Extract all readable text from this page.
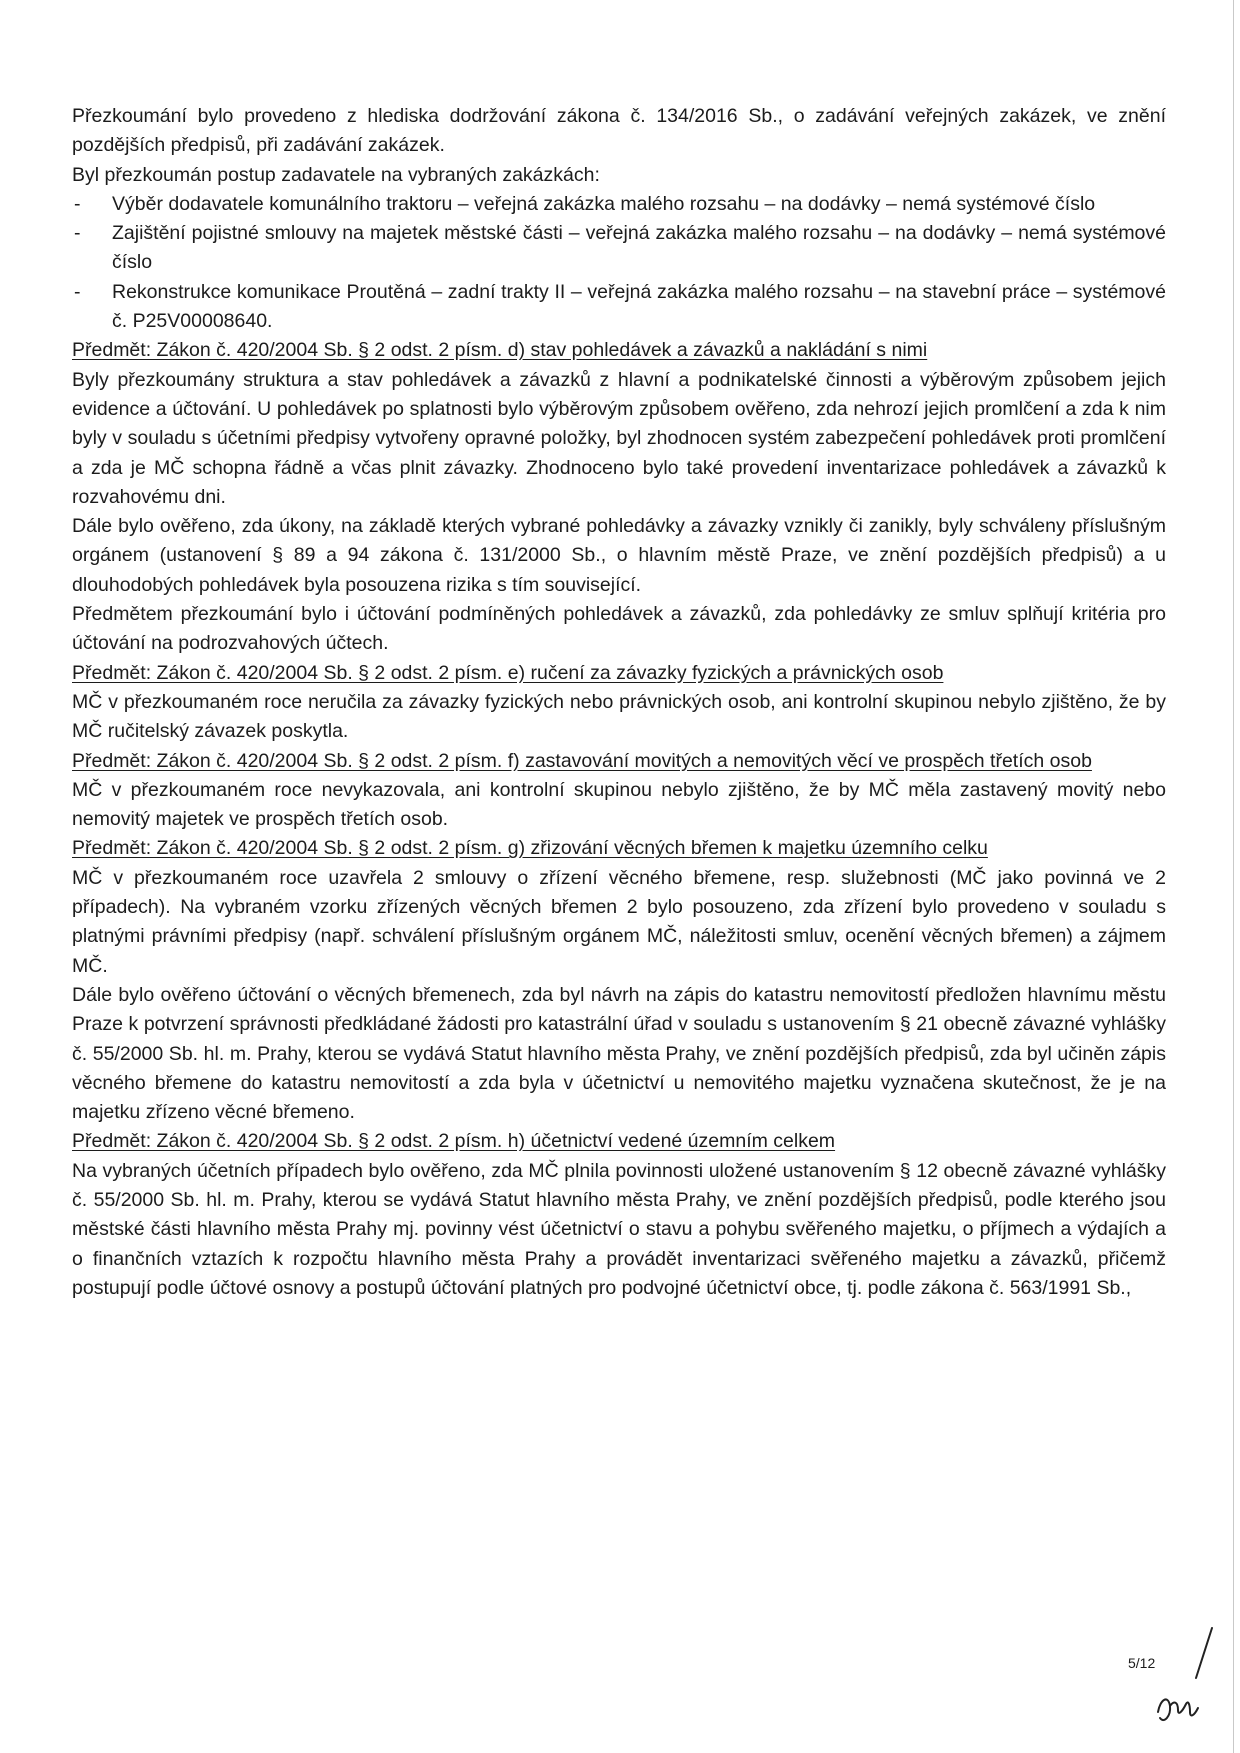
Přezkoumání bylo provedeno z hlediska dodržování zákona č. 134/2016 Sb., o zadávání veřejných zakázek, ve znění pozdějších předpisů, při zadávání zakázek.

Byl přezkoumán postup zadavatele na vybraných zakázkách:

- Výběr dodavatele komunálního traktoru – veřejná zakázka malého rozsahu – na dodávky – nemá systémové číslo
- Zajištění pojistné smlouvy na majetek městské části – veřejná zakázka malého rozsahu – na dodávky – nemá systémové číslo
- Rekonstrukce komunikace Proutěná – zadní trakty II – veřejná zakázka malého rozsahu – na stavební práce – systémové č. P25V00008640.

Předmět: Zákon č. 420/2004 Sb. § 2 odst. 2 písm. d) stav pohledávek a závazků a nakládání s nimi

Byly přezkoumány struktura a stav pohledávek a závazků z hlavní a podnikatelské činnosti a výběrovým způsobem jejich evidence a účtování. U pohledávek po splatnosti bylo výběrovým způsobem ověřeno, zda nehrozí jejich promlčení a zda k nim byly v souladu s účetními předpisy vytvořeny opravné položky, byl zhodnocen systém zabezpečení pohledávek proti promlčení a zda je MČ schopna řádně a včas plnit závazky. Zhodnoceno bylo také provedení inventarizace pohledávek a závazků k rozvahovému dni.

Dále bylo ověřeno, zda úkony, na základě kterých vybrané pohledávky a závazky vznikly či zanikly, byly schváleny příslušným orgánem (ustanovení § 89 a 94 zákona č. 131/2000 Sb., o hlavním městě Praze, ve znění pozdějších předpisů) a u dlouhodobých pohledávek byla posouzena rizika s tím související.

Předmětem přezkoumání bylo i účtování podmíněných pohledávek a závazků, zda pohledávky ze smluv splňují kritéria pro účtování na podrozvahových účtech.

Předmět: Zákon č. 420/2004 Sb. § 2 odst. 2 písm. e) ručení za závazky fyzických a právnických osob

MČ v přezkoumaném roce neručila za závazky fyzických nebo právnických osob, ani kontrolní skupinou nebylo zjištěno, že by MČ ručitelský závazek poskytla.

Předmět: Zákon č. 420/2004 Sb. § 2 odst. 2 písm. f) zastavování movitých a nemovitých věcí ve prospěch třetích osob

MČ v přezkoumaném roce nevykazovala, ani kontrolní skupinou nebylo zjištěno, že by MČ měla zastavený movitý nebo nemovitý majetek ve prospěch třetích osob.

Předmět: Zákon č. 420/2004 Sb. § 2 odst. 2 písm. g) zřizování věcných břemen k majetku územního celku

MČ v přezkoumaném roce uzavřela 2 smlouvy o zřízení věcného břemene, resp. služebnosti (MČ jako povinná ve 2 případech). Na vybraném vzorku zřízených věcných břemen 2 bylo posouzeno, zda zřízení bylo provedeno v souladu s platnými právními předpisy (např. schválení příslušným orgánem MČ, náležitosti smluv, ocenění věcných břemen) a zájmem MČ.

Dále bylo ověřeno účtování o věcných břemenech, zda byl návrh na zápis do katastru nemovitostí předložen hlavnímu městu Praze k potvrzení správnosti předkládané žádosti pro katastrální úřad v souladu s ustanovením § 21 obecně závazné vyhlášky č. 55/2000 Sb. hl. m. Prahy, kterou se vydává Statut hlavního města Prahy, ve znění pozdějších předpisů, zda byl učiněn zápis věcného břemene do katastru nemovitostí a zda byla v účetnictví u nemovitého majetku vyznačena skutečnost, že je na majetku zřízeno věcné břemeno.

Předmět: Zákon č. 420/2004 Sb. § 2 odst. 2 písm. h) účetnictví vedené územním celkem

Na vybraných účetních případech bylo ověřeno, zda MČ plnila povinnosti uložené ustanovením § 12 obecně závazné vyhlášky č. 55/2000 Sb. hl. m. Prahy, kterou se vydává Statut hlavního města Prahy, ve znění pozdějších předpisů, podle kterého jsou městské části hlavního města Prahy mj. povinny vést účetnictví o stavu a pohybu svěřeného majetku, o příjmech a výdajích a o finančních vztazích k rozpočtu hlavního města Prahy a provádět inventarizaci svěřeného majetku a závazků, přičemž postupují podle účtové osnovy a postupů účtování platných pro podvojné účetnictví obce, tj. podle zákona č. 563/1991 Sb.,

5/12
